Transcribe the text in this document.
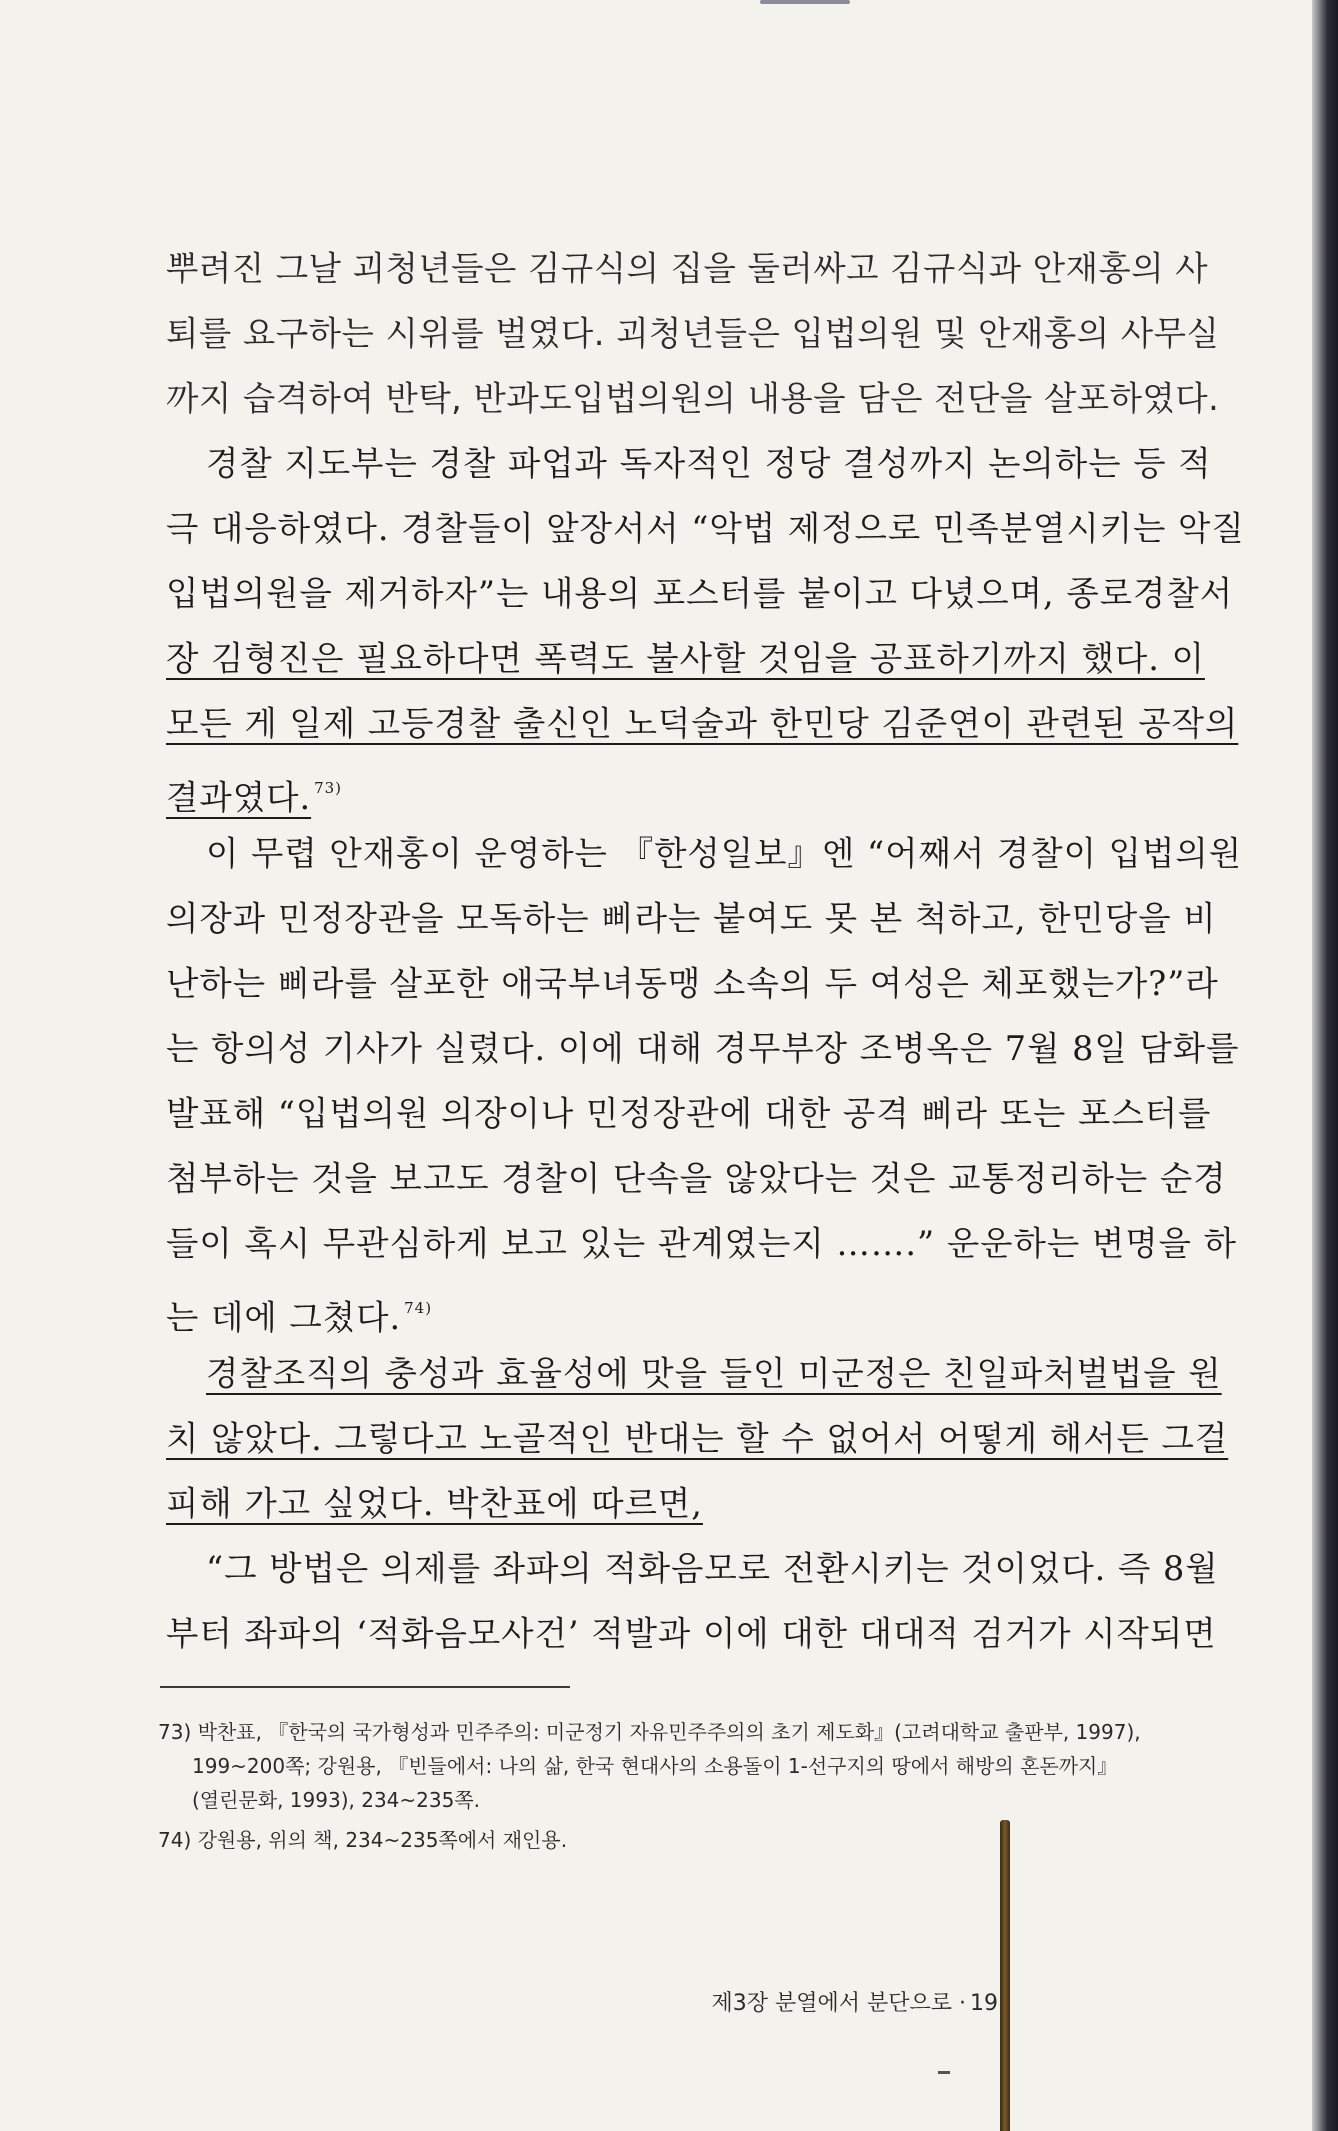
뿌려진 그날 괴청년들은 김규식의 집을 둘러싸고 김규식과 안재홍의 사
퇴를 요구하는 시위를 벌였다. 괴청년들은 입법의원 및 안재홍의 사무실
까지 습격하여 반탁, 반과도입법의원의 내용을 담은 전단을 살포하였다.
경찰 지도부는 경찰 파업과 독자적인 정당 결성까지 논의하는 등 적
극 대응하였다. 경찰들이 앞장서서 “악법 제정으로 민족분열시키는 악질
입법의원을 제거하자”는 내용의 포스터를 붙이고 다녔으며, 종로경찰서
장 김형진은 필요하다면 폭력도 불사할 것임을 공표하기까지 했다. 이
모든 게 일제 고등경찰 출신인 노덕술과 한민당 김준연이 관련된 공작의
결과였다. $^{73)}$
이 무렵 안재홍이 운영하는 『한성일보』엔 “어째서 경찰이 입법의원
의장과 민정장관을 모독하는 삐라는 붙여도 못 본 척하고, 한민당을 비
난하는 삐라를 살포한 애국부녀동맹 소속의 두 여성은 체포했는가?”라
는 항의성 기사가 실렸다. 이에 대해 경무부장 조병옥은 7월 8일 담화를
발표해 “입법의원 의장이나 민정장관에 대한 공격 삐라 또는 포스터를
첨부하는 것을 보고도 경찰이 단속을 않았다는 것은 교통정리하는 순경
들이 혹시 무관심하게 보고 있는 관계였는지 …….” 운운하는 변명을 하
는 데에 그쳤다. $^{74)}$
경찰조직의 충성과 효율성에 맛을 들인 미군정은 친일파처벌법을 원
치 않았다. 그렇다고 노골적인 반대는 할 수 없어서 어떻게 해서든 그걸
피해 가고 싶었다. 박찬표에 따르면,
“그 방법은 의제를 좌파의 적화음모로 전환시키는 것이었다. 즉 8월
부터 좌파의 ‘적화음모사건’ 적발과 이에 대한 대대적 검거가 시작되면
73) 박찬표, 『한국의 국가형성과 민주주의: 미군정기 자유민주주의의 초기 제도화』(고려대학교 출판부, 1997),
199~200쪽; 강원용, 『빈들에서: 나의 삶, 한국 현대사의 소용돌이 1-선구지의 땅에서 해방의 혼돈까지』
(열린문화, 1993), 234~235쪽.
74) 강원용, 위의 책, 234~235쪽에서 재인용.
제3장 분열에서 분단으로 · 19
